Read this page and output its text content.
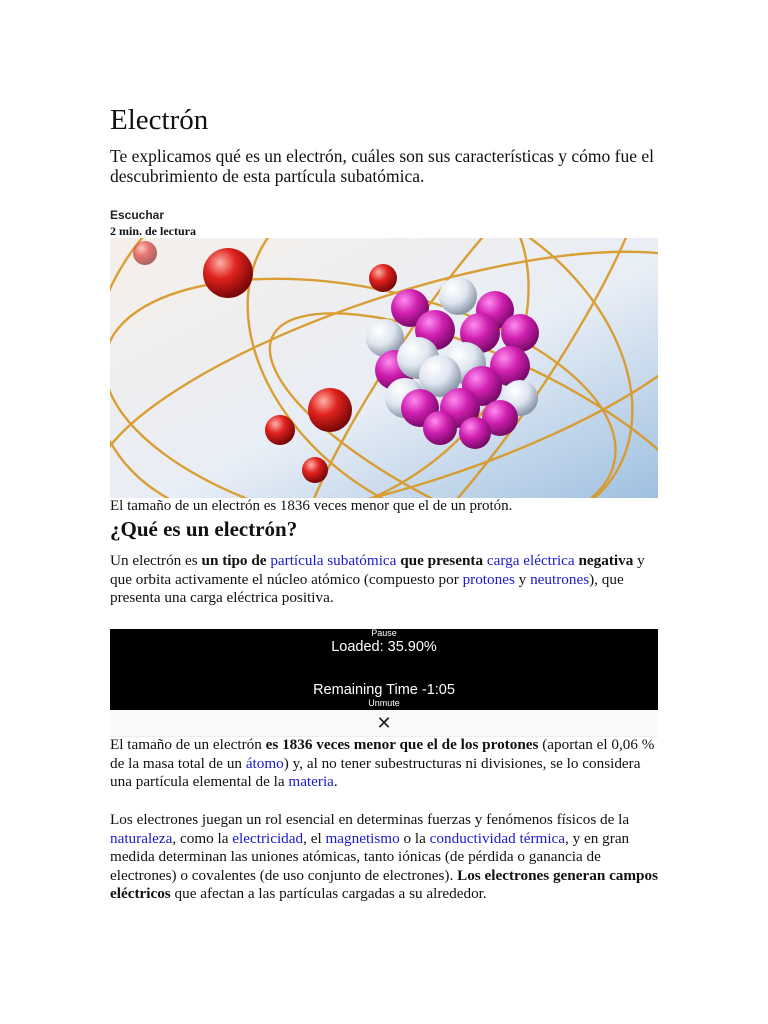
Electrón

Te explicamos qué es un electrón, cuáles son sus características y cómo fue el descubrimiento de esta partícula subatómica.

Escuchar

2 min. de lectura

El tamaño de un electrón es 1836 veces menor que el de un protón.

¿Qué es un electrón?

Un electrón es un tipo de partícula subatómica que presenta carga eléctrica negativa y que orbita activamente el núcleo atómico (compuesto por protones y neutrones), que presenta una carga eléctrica positiva.

Pause
Loaded: 35.90%
Remaining Time -1:05
Unmute
✕

El tamaño de un electrón es 1836 veces menor que el de los protones (aportan el 0,06 % de la masa total de un átomo) y, al no tener subestructuras ni divisiones, se lo considera una partícula elemental de la materia.

Los electrones juegan un rol esencial en determinas fuerzas y fenómenos físicos de la naturaleza, como la electricidad, el magnetismo o la conductividad térmica, y en gran medida determinan las uniones atómicas, tanto iónicas (de pérdida o ganancia de electrones) o covalentes (de uso conjunto de electrones). Los electrones generan campos eléctricos que afectan a las partículas cargadas a su alrededor.
